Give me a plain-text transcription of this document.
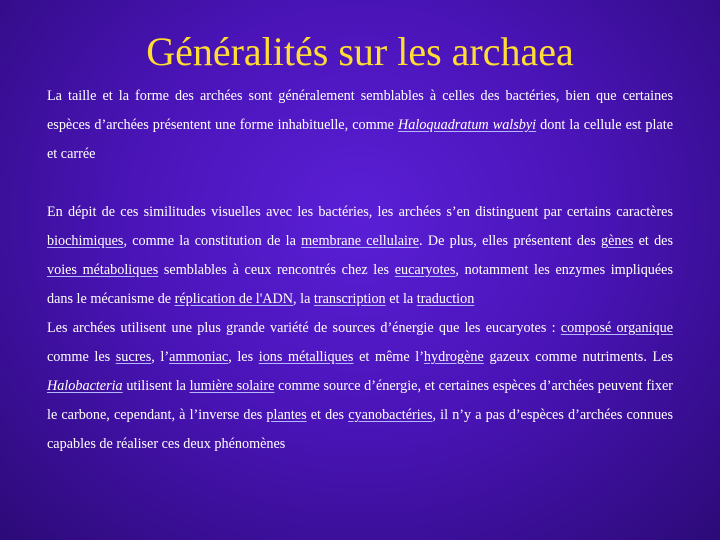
Généralités sur les archaea

La taille et la forme des archées sont généralement semblables à celles des bactéries, bien que certaines espèces d’archées présentent une forme inhabituelle, comme Haloquadratum walsbyi dont la cellule est plate et carrée

En dépit de ces similitudes visuelles avec les bactéries, les archées s’en distinguent par certains caractères biochimiques, comme la constitution de la membrane cellulaire. De plus, elles présentent des gènes et des voies métaboliques semblables à ceux rencontrés chez les eucaryotes, notamment les enzymes impliquées dans le mécanisme de réplication de l'ADN, la transcription et la traduction

Les archées utilisent une plus grande variété de sources d’énergie que les eucaryotes : composé organique comme les sucres, l’ammoniac, les ions métalliques et même l’hydrogène gazeux comme nutriments. Les Halobacteria utilisent la lumière solaire comme source d’énergie, et certaines espèces d’archées peuvent fixer le carbone, cependant, à l’inverse des plantes et des cyanobactéries, il n’y a pas d’espèces d’archées connues capables de réaliser ces deux phénomènes
